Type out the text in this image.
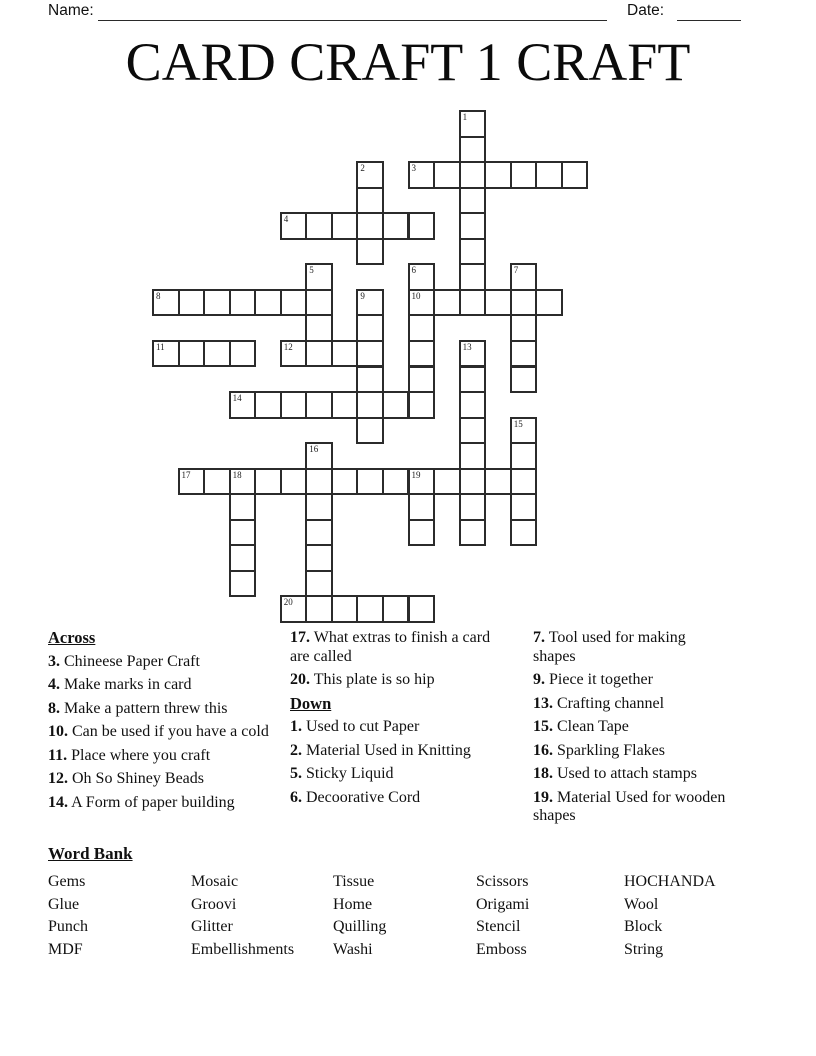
Name:	Date:
CARD CRAFT 1 CRAFT
1
2	3
4
5	6
10
7
8	9
11	12	13
14
15
16
17	18	19
20
Across
3. Chineese Paper Craft
4. Make marks in card
8. Make a pattern threw this
10. Can be used if you have a cold
11. Place where you craft
12. Oh So Shiney Beads
14. A Form of paper building
17. What extras to finish a card are called
20. This plate is so hip
Down
1. Used to cut Paper
2. Material Used in Knitting
5. Sticky Liquid
6. Decoorative Cord
7. Tool used for making shapes
9. Piece it together
13. Crafting channel
15. Clean Tape
16. Sparkling Flakes
18. Used to attach stamps
19. Material Used for wooden shapes
Word Bank
Gems	Mosaic	Tissue	Scissors	HOCHANDA
Glue	Groovi	Home	Origami	Wool
Punch	Glitter	Quilling	Stencil	Block
MDF	Embellishments	Washi	Emboss	String
